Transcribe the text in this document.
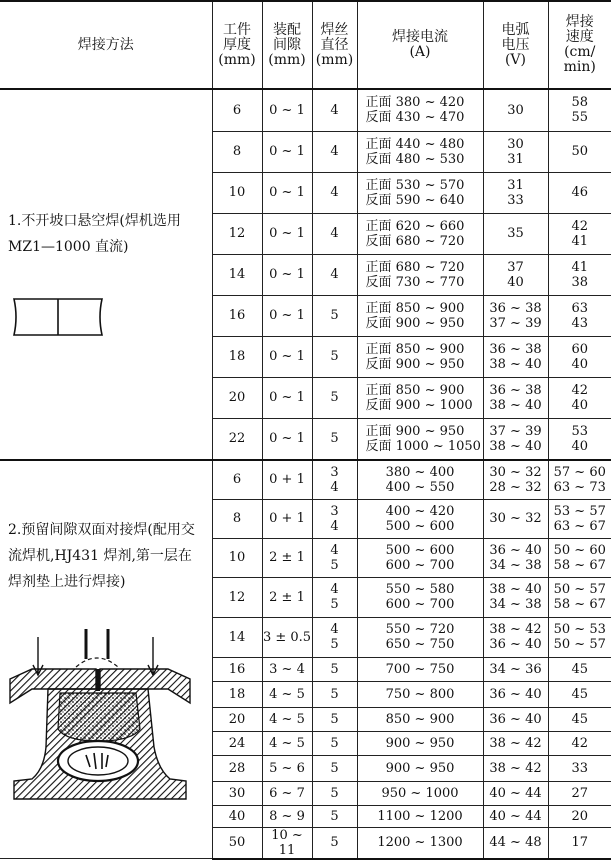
焊接方法	工件
厚度
(mm)	装配
间隙
(mm)	焊丝
直径
(mm)	焊接电流
(A)	电弧
电压
(V)	焊接
速度
(cm/
min)

1.不开坡口悬空焊(焊机选用 MZ1—1000 直流)	6	0 ~ 1	4	正面 380 ~ 420
反面 430 ~ 470	30	58
55

	8	0 ~ 1	4	正面 440 ~ 480
反面 480 ~ 530	30
31	50

	10	0 ~ 1	4	正面 530 ~ 570
反面 590 ~ 640	31
33	46

	12	0 ~ 1	4	正面 620 ~ 660
反面 680 ~ 720	35	42
41

	14	0 ~ 1	4	正面 680 ~ 720
反面 730 ~ 770	37
40	41
38

	16	0 ~ 1	5	正面 850 ~ 900
反面 900 ~ 950	36 ~ 38
37 ~ 39	63
43

	18	0 ~ 1	5	正面 850 ~ 900
反面 900 ~ 950	36 ~ 38
38 ~ 40	60
40

	20	0 ~ 1	5	正面 850 ~ 900
反面 900 ~ 1000	36 ~ 38
38 ~ 40	42
40

	22	0 ~ 1	5	正面 900 ~ 950
反面 1000 ~ 1050	37 ~ 39
38 ~ 40	53
40

2.预留间隙双面对接焊(配用交流焊机,HJ431 焊剂,第一层在焊剂垫上进行焊接)	6	0 + 1	3
4	380 ~ 400
400 ~ 550	30 ~ 32
28 ~ 32	57 ~ 60
63 ~ 73

	8	0 + 1	3
4	400 ~ 420
500 ~ 600	30 ~ 32	53 ~ 57
63 ~ 67

	10	2 ± 1	4
5	500 ~ 600
600 ~ 700	36 ~ 40
34 ~ 38	50 ~ 60
58 ~ 67

	12	2 ± 1	4
5	550 ~ 580
600 ~ 700	38 ~ 40
34 ~ 38	50 ~ 57
58 ~ 67

	14	3 ± 0.5	4
5	550 ~ 720
650 ~ 750	38 ~ 42
36 ~ 40	50 ~ 53
50 ~ 57

	16	3 ~ 4	5	700 ~ 750	34 ~ 36	45

	18	4 ~ 5	5	750 ~ 800	36 ~ 40	45

	20	4 ~ 5	5	850 ~ 900	36 ~ 40	45

	24	4 ~ 5	5	900 ~ 950	38 ~ 42	42

	28	5 ~ 6	5	900 ~ 950	38 ~ 42	33

	30	6 ~ 7	5	950 ~ 1000	40 ~ 44	27

	40	8 ~ 9	5	1100 ~ 1200	40 ~ 44	20

	50	10 ~ 11	5	1200 ~ 1300	44 ~ 48	17
